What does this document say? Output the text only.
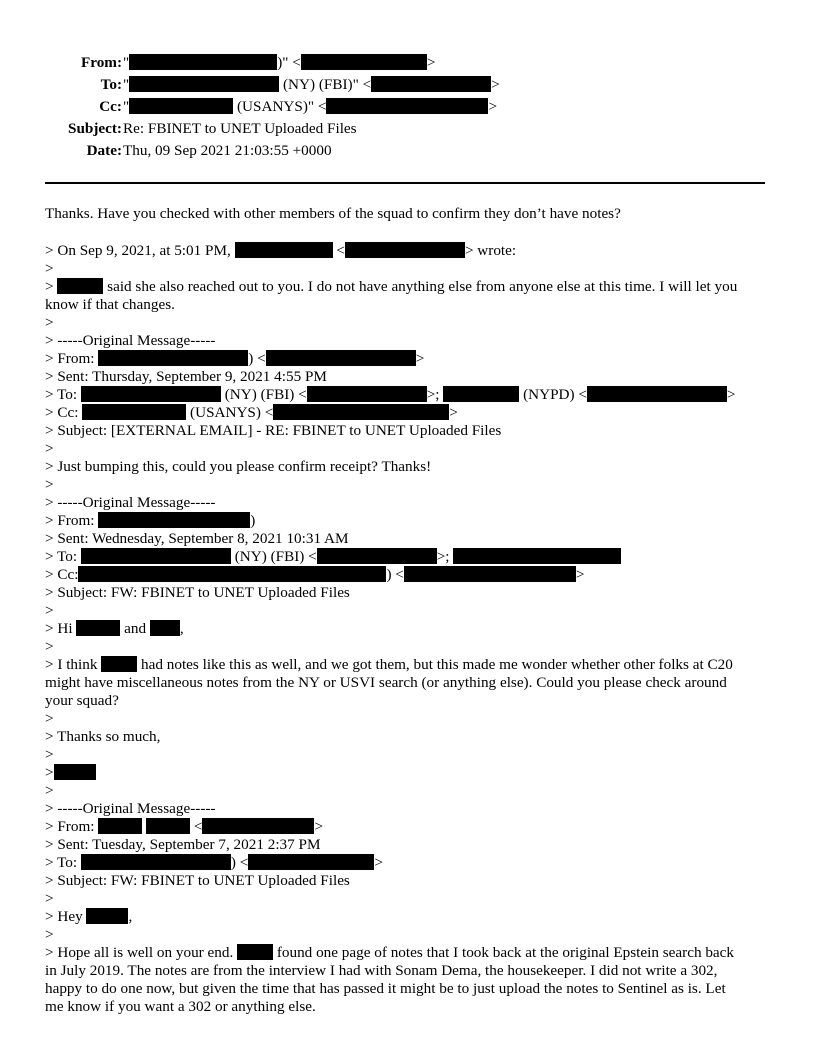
From: "	)" <	>
To: "	(NY) (FBI)" <	>
Cc: "	(USANYS)" <	>
Subject: Re: FBINET to UNET Uploaded Files
Date: Thu, 09 Sep 2021 21:03:55 +0000
Thanks. Have you checked with other members of the squad to confirm they don’t have notes?
> On Sep 9, 2021, at 5:01 PM,	<	> wrote:
>
>	said she also reached out to you. I do not have anything else from anyone else at this time. I will let you
know if that changes.
>
> -----Original Message-----
> From:	) <	>
> Sent: Thursday, September 9, 2021 4:55 PM
> To:	(NY) (FBI) <	>;	(NYPD) <	>
> Cc:	(USANYS) <	>
> Subject: [EXTERNAL EMAIL] - RE: FBINET to UNET Uploaded Files
>
> Just bumping this, could you please confirm receipt? Thanks!
>
> -----Original Message-----
> From:	)
> Sent: Wednesday, September 8, 2021 10:31 AM
> To:	(NY) (FBI) <	>;
> Cc:	) <	>
> Subject: FW: FBINET to UNET Uploaded Files
>
> Hi	and ,
>
> I think  had notes like this as well, and we got them, but this made me wonder whether other folks at C20
might have miscellaneous notes from the NY or USVI search (or anything else). Could you please check around
your squad?
>
> Thanks so much,
>
>
>
> -----Original Message-----
> From:	<	>
> Sent: Tuesday, September 7, 2021 2:37 PM
> To:	) <	>
> Subject: FW: FBINET to UNET Uploaded Files
>
> Hey	,
>
> Hope all is well on your end.  found one page of notes that I took back at the original Epstein search back
in July 2019. The notes are from the interview I had with Sonam Dema, the housekeeper. I did not write a 302,
happy to do one now, but given the time that has passed it might be to just upload the notes to Sentinel as is. Let
me know if you want a 302 or anything else.
